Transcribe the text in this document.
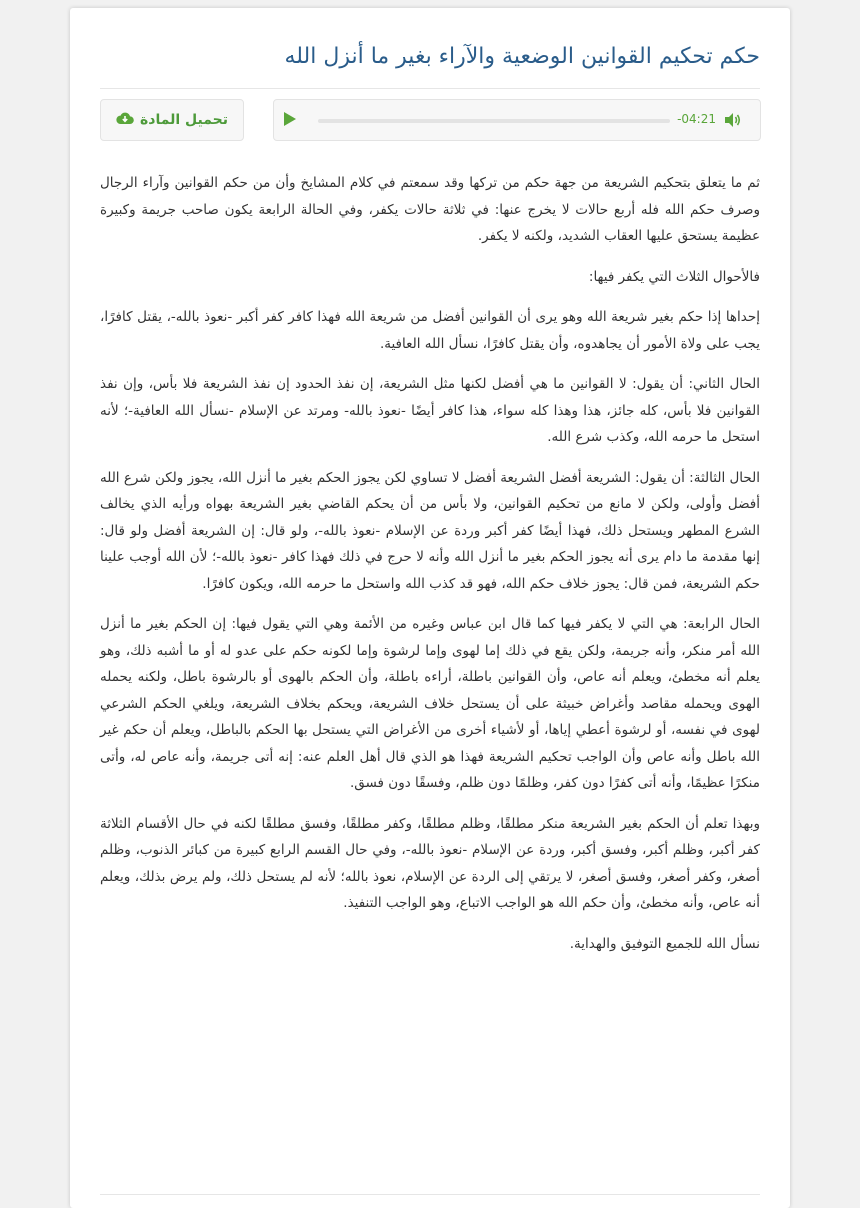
حكم تحكيم القوانين الوضعية والآراء بغير ما أنزل الله
-04:21
تحميل المادة

ثم ما يتعلق بتحكيم الشريعة من جهة حكم من تركها وقد سمعتم في كلام المشايخ وأن من حكم القوانين وآراء الرجال وصرف حكم الله فله أربع حالات لا يخرج عنها: في ثلاثة حالات يكفر، وفي الحالة الرابعة يكون صاحب جريمة وكبيرة عظيمة يستحق عليها العقاب الشديد، ولكنه لا يكفر.

فالأحوال الثلاث التي يكفر فيها:

إحداها إذا حكم بغير شريعة الله وهو يرى أن القوانين أفضل من شريعة الله فهذا كافر كفر أكبر -نعوذ بالله-، يقتل كافرًا، يجب على ولاة الأمور أن يجاهدوه، وأن يقتل كافرًا، نسأل الله العافية.

الحال الثاني: أن يقول: لا القوانين ما هي أفضل لكنها مثل الشريعة، إن نفذ الحدود إن نفذ الشريعة فلا بأس، وإن نفذ القوانين فلا بأس، كله جائز، هذا وهذا كله سواء، هذا كافر أيضًا -نعوذ بالله- ومرتد عن الإسلام -نسأل الله العافية-؛ لأنه استحل ما حرمه الله، وكذب شرع الله.

الحال الثالثة: أن يقول: الشريعة أفضل الشريعة أفضل لا تساوي لكن يجوز الحكم بغير ما أنزل الله، يجوز ولكن شرع الله أفضل وأولى، ولكن لا مانع من تحكيم القوانين، ولا بأس من أن يحكم القاضي بغير الشريعة بهواه ورأيه الذي يخالف الشرع المطهر ويستحل ذلك، فهذا أيضًا كفر أكبر وردة عن الإسلام -نعوذ بالله-، ولو قال: إن الشريعة أفضل ولو قال: إنها مقدمة ما دام يرى أنه يجوز الحكم بغير ما أنزل الله وأنه لا حرج في ذلك فهذا كافر -نعوذ بالله-؛ لأن الله أوجب علينا حكم الشريعة، فمن قال: يجوز خلاف حكم الله، فهو قد كذب الله واستحل ما حرمه الله، ويكون كافرًا.

الحال الرابعة: هي التي لا يكفر فيها كما قال ابن عباس وغيره من الأئمة وهي التي يقول فيها: إن الحكم بغير ما أنزل الله أمر منكر، وأنه جريمة، ولكن يقع في ذلك إما لهوى وإما لرشوة وإما لكونه حكم على عدو له أو ما أشبه ذلك، وهو يعلم أنه مخطئ، ويعلم أنه عاص، وأن القوانين باطلة، أراءه باطلة، وأن الحكم بالهوى أو بالرشوة باطل، ولكنه يحمله الهوى ويحمله مقاصد وأغراض خبيثة على أن يستحل خلاف الشريعة، ويحكم بخلاف الشريعة، ويلغي الحكم الشرعي لهوى في نفسه، أو لرشوة أعطي إياها، أو لأشياء أخرى من الأغراض التي يستحل بها الحكم بالباطل، ويعلم أن حكم غير الله باطل وأنه عاص وأن الواجب تحكيم الشريعة فهذا هو الذي قال أهل العلم عنه: إنه أتى جريمة، وأنه عاص له، وأتى منكرًا عظيمًا، وأنه أتى كفرًا دون كفر، وظلمًا دون ظلم، وفسقًا دون فسق.

وبهذا تعلم أن الحكم بغير الشريعة منكر مطلقًا، وظلم مطلقًا، وكفر مطلقًا، وفسق مطلقًا لكنه في حال الأقسام الثلاثة كفر أكبر، وظلم أكبر، وفسق أكبر، وردة عن الإسلام -نعوذ بالله-، وفي حال القسم الرابع كبيرة من كبائر الذنوب، وظلم أصغر، وكفر أصغر، وفسق أصغر، لا يرتقي إلى الردة عن الإسلام، نعوذ بالله؛ لأنه لم يستحل ذلك، ولم يرض بذلك، ويعلم أنه عاص، وأنه مخطئ، وأن حكم الله هو الواجب الاتباع، وهو الواجب التنفيذ.

نسأل الله للجميع التوفيق والهداية.
